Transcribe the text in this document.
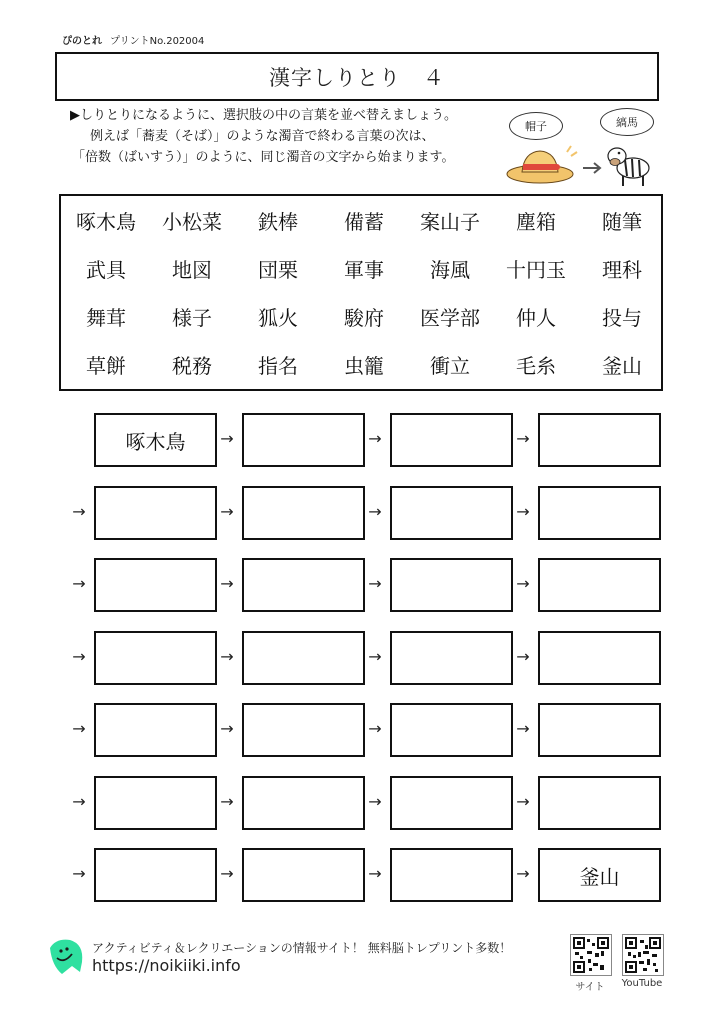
ぴのとれ プリントNo.202004
漢字しりとり　４
▶しりとりになるように、選択肢の中の言葉を並べ替えましょう。
例えば「蕎麦（そば）」のような濁音で終わる言葉の次は、
「倍数（ばいすう）」のように、同じ濁音の文字から始まります。
帽子	縞馬
啄木鳥	小松菜	鉄棒	備蓄	案山子	塵箱	随筆
武具	地図	団栗	軍事	海風	十円玉	理科
舞茸	様子	狐火	駿府	医学部	仲人	投与
草餅	税務	指名	虫籠	衝立	毛糸	釜山
啄木鳥	→	→	→
→	→	→	→
→	→	→	→
→	→	→	→
→	→	→	→
→	→	→	→
→	→	→	釜山
→
アクティビティ＆レクリエーションの情報サイト！ 無料脳トレプリント多数！
https://noikiiki.info
サイト	YouTube
